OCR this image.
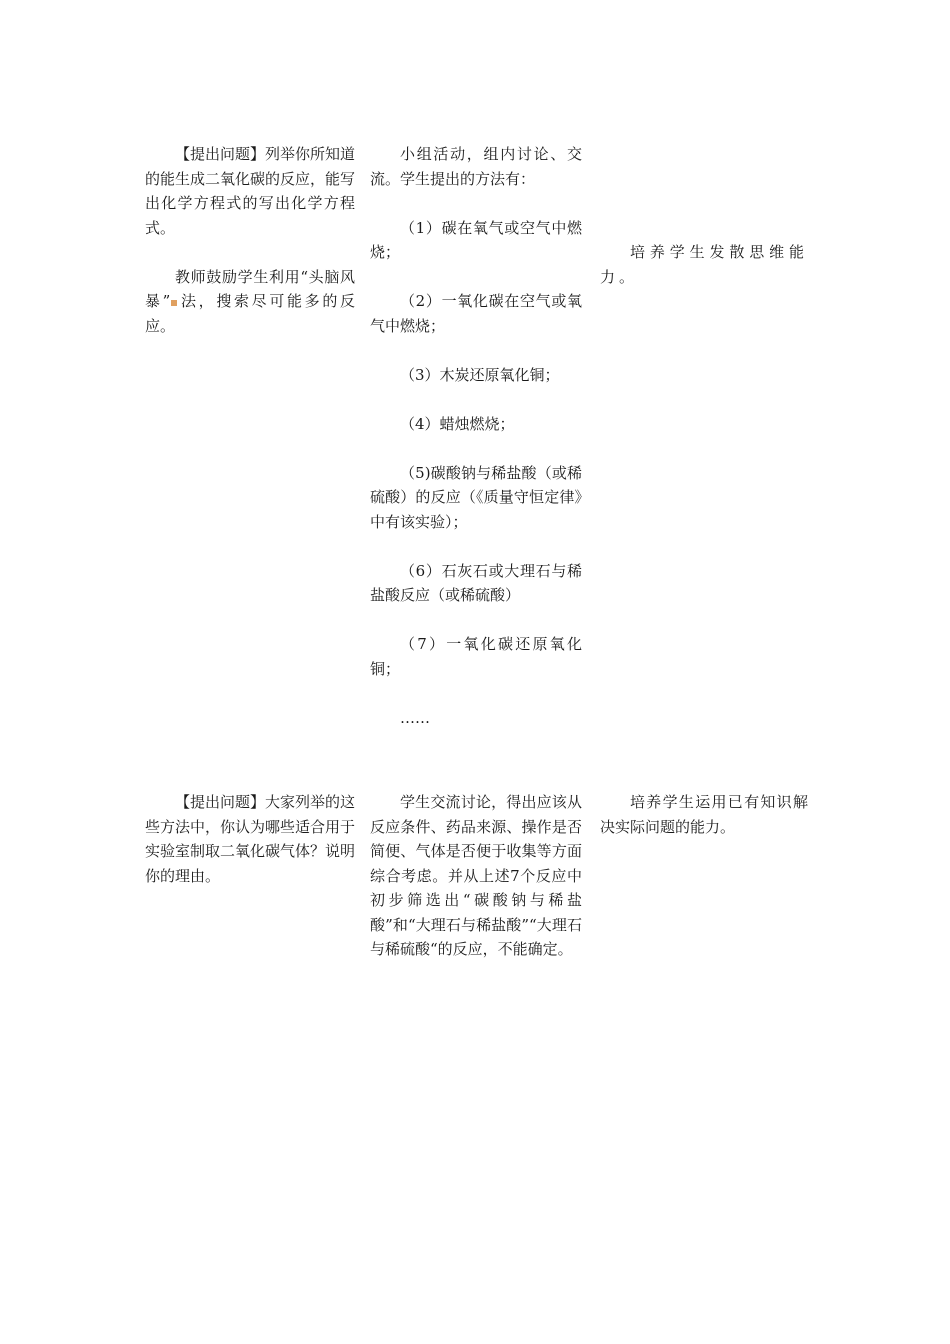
【提出问题】列举你所知道的能生成二氧化碳的反应，能写出化学方程式的写出化学方程式。

教师鼓励学生利用“头脑风暴” 法，搜索尽可能多的反应。

小组活动，组内讨论、交流。学生提出的方法有：

（1）碳在氧气或空气中燃烧；

（2）一氧化碳在空气或氧气中燃烧；

（3）木炭还原氧化铜；

（4）蜡烛燃烧；

（5)碳酸钠与稀盐酸（或稀硫酸）的反应（《质量守恒定律》中有该实验）；

（6）石灰石或大理石与稀盐酸反应（或稀硫酸）

（7）一氧化碳还原氧化铜；

……

培养学生发散思维能力。

【提出问题】大家列举的这些方法中，你认为哪些适合用于实验室制取二氧化碳气体？说明你的理由。

学生交流讨论，得出应该从反应条件、药品来源、操作是否简便、气体是否便于收集等方面综合考虑。并从上述7个反应中初步筛选出“碳酸钠与稀盐酸”和“大理石与稀盐酸”“大理石与稀硫酸“的反应，不能确定。

培养学生运用已有知识解决实际问题的能力。
